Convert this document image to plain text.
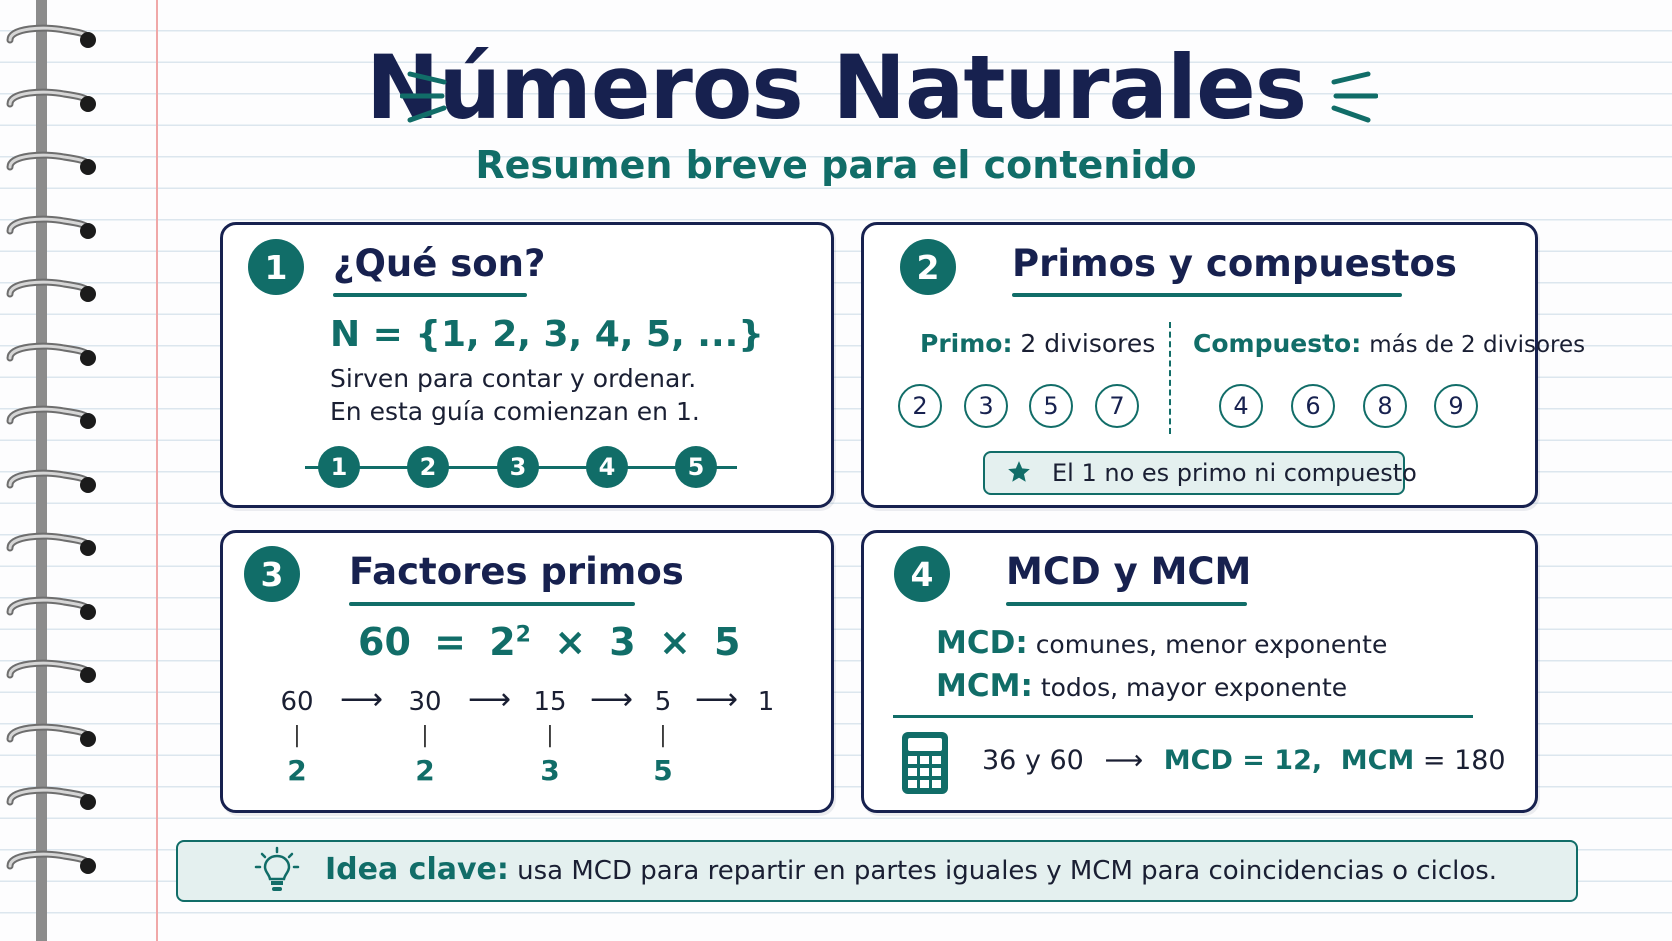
Números Naturales
Resumen breve para el contenido
1	¿Qué son?
N = {1, 2, 3, 4, 5, ...}
Sirven para contar y ordenar.
En esta guía comienzan en 1.
1	2	3	4	5
2	Primos y compuestos
Primo: 2 divisores Compuesto: más de 2 divisores
2	3	5	7	4	6	8	9
El 1 no es primo ni compuesto
3	Factores primos
$60 = 2^2 \times 3 \times 5$
60 ⟶ 30 ⟶ 15 ⟶ 5 ⟶ 1
|	|	|	|
2	2	3	5
4	MCD y MCM
MCD: comunes, menor exponente
MCM: todos, mayor exponente
36 y 60 ⟶ MCD = 12, MCM = 180
Idea clave: usa MCD para repartir en partes iguales y MCM para coincidencias o ciclos.
